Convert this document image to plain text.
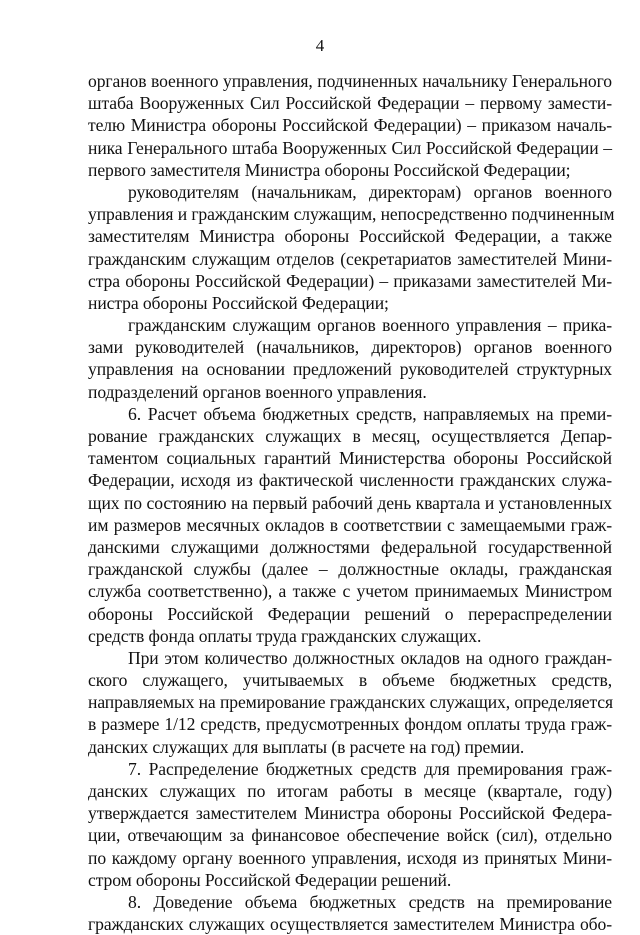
4
органов военного управления, подчиненных начальнику Генерального
штаба Вооруженных Сил Российской Федерации – первому замести-
телю Министра обороны Российской Федерации) – приказом началь-
ника Генерального штаба Вооруженных Сил Российской Федерации –
первого заместителя Министра обороны Российской Федерации;
руководителям (начальникам, директорам) органов военного
управления и гражданским служащим, непосредственно подчиненным
заместителям Министра обороны Российской Федерации, а также
гражданским служащим отделов (секретариатов заместителей Мини-
стра обороны Российской Федерации) – приказами заместителей Ми-
нистра обороны Российской Федерации;
гражданским служащим органов военного управления – прика-
зами руководителей (начальников, директоров) органов военного
управления на основании предложений руководителей структурных
подразделений органов военного управления.
6. Расчет объема бюджетных средств, направляемых на преми-
рование гражданских служащих в месяц, осуществляется Депар-
таментом социальных гарантий Министерства обороны Российской
Федерации, исходя из фактической численности гражданских служа-
щих по состоянию на первый рабочий день квартала и установленных
им размеров месячных окладов в соответствии с замещаемыми граж-
данскими служащими должностями федеральной государственной
гражданской службы (далее – должностные оклады, гражданская
служба соответственно), а также с учетом принимаемых Министром
обороны Российской Федерации решений о перераспределении
средств фонда оплаты труда гражданских служащих.
При этом количество должностных окладов на одного граждан-
ского служащего, учитываемых в объеме бюджетных средств,
направляемых на премирование гражданских служащих, определяется
в размере 1/12 средств, предусмотренных фондом оплаты труда граж-
данских служащих для выплаты (в расчете на год) премии.
7. Распределение бюджетных средств для премирования граж-
данских служащих по итогам работы в месяце (квартале, году)
утверждается заместителем Министра обороны Российской Федера-
ции, отвечающим за финансовое обеспечение войск (сил), отдельно
по каждому органу военного управления, исходя из принятых Мини-
стром обороны Российской Федерации решений.
8. Доведение объема бюджетных средств на премирование
гражданских служащих осуществляется заместителем Министра обо-
